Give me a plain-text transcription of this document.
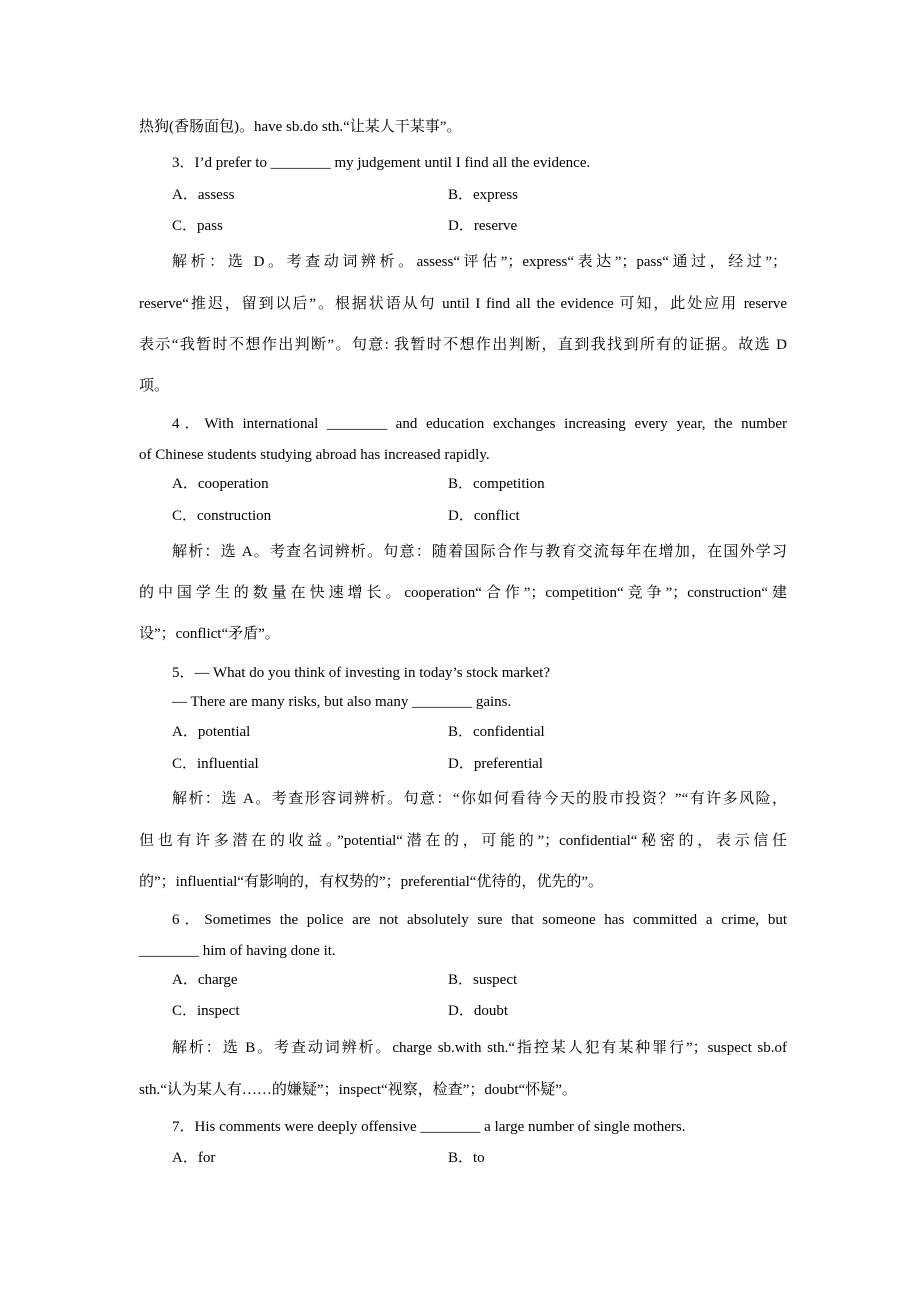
热狗(香肠面包)。have sb.do sth.“让某人干某事”。
3．I’d prefer to ________ my judgement until I find all the evidence.
A．assess	B．express
C．pass	D．reserve
解析：选 D。考查动词辨析。assess“评估”；express“表达”；pass“通过，经过”；
reserve“推迟，留到以后”。根据状语从句 until I find all the evidence 可知，此处应用 reserve
表示“我暂时不想作出判断”。句意: 我暂时不想作出判断，直到我找到所有的证据。故选 D
项。
4．With international ________ and education exchanges increasing every year, the number
of Chinese students studying abroad has increased rapidly.
A．cooperation	B．competition
C．construction	D．conflict
解析：选 A。考查名词辨析。句意：随着国际合作与教育交流每年在增加，在国外学习
的中国学生的数量在快速增长。cooperation“合作”；competition“竞争”；construction“建
设”；conflict“矛盾”。
5．— What do you think of investing in today’s stock market?
— There are many risks, but also many ________ gains.
A．potential	B．confidential
C．influential	D．preferential
解析：选 A。考查形容词辨析。句意：“你如何看待今天的股市投资？”“有许多风险，
但也有许多潜在的收益。”potential“潜在的，可能的”；confidential“秘密的，表示信任
的”；influential“有影响的，有权势的”；preferential“优待的，优先的”。
6．Sometimes the police are not absolutely sure that someone has committed a crime, but
________ him of having done it.
A．charge	B．suspect
C．inspect	D．doubt
解析：选 B。考查动词辨析。charge sb.with sth.“指控某人犯有某种罪行”；suspect sb.of
sth.“认为某人有……的嫌疑”；inspect“视察，检查”；doubt“怀疑”。
7．His comments were deeply offensive ________ a large number of single mothers.
A．for	B．to
